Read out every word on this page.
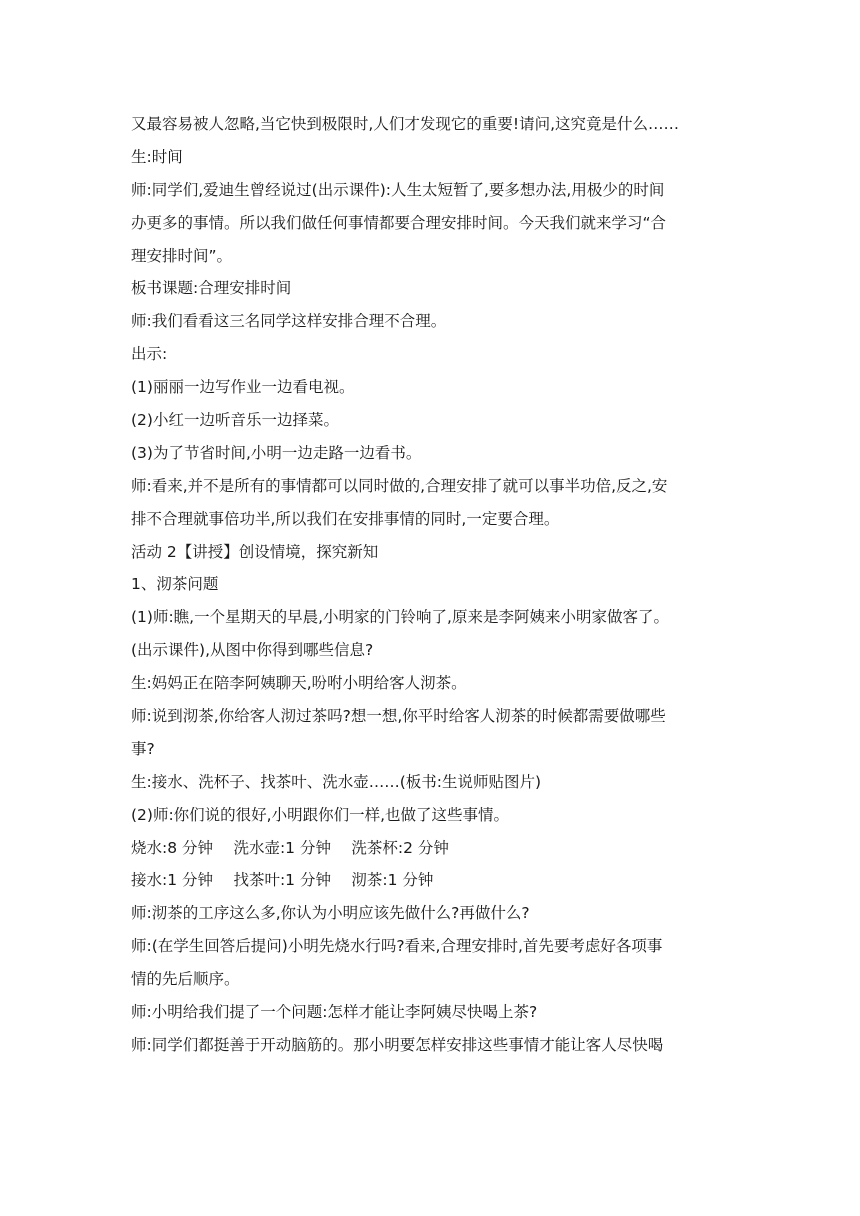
又最容易被人忽略,当它快到极限时,人们才发现它的重要!请问,这究竟是什么……
生:时间
师:同学们,爱迪生曾经说过(出示课件):人生太短暂了,要多想办法,用极少的时间
办更多的事情。所以我们做任何事情都要合理安排时间。今天我们就来学习“合
理安排时间”。
板书课题:合理安排时间
师:我们看看这三名同学这样安排合理不合理。
出示:
(1)丽丽一边写作业一边看电视。
(2)小红一边听音乐一边择菜。
(3)为了节省时间,小明一边走路一边看书。
师:看来,并不是所有的事情都可以同时做的,合理安排了就可以事半功倍,反之,安
排不合理就事倍功半,所以我们在安排事情的同时,一定要合理。
活动 2【讲授】创设情境，探究新知
1、沏茶问题
(1)师:瞧,一个星期天的早晨,小明家的门铃响了,原来是李阿姨来小明家做客了。
(出示课件),从图中你得到哪些信息?
生:妈妈正在陪李阿姨聊天,吩咐小明给客人沏茶。
师:说到沏茶,你给客人沏过茶吗?想一想,你平时给客人沏茶的时候都需要做哪些
事?
生:接水、洗杯子、找茶叶、洗水壶……(板书:生说师贴图片)
(2)师:你们说的很好,小明跟你们一样,也做了这些事情。
烧水:8 分钟　 洗水壶:1 分钟　 洗茶杯:2 分钟
接水:1 分钟　 找茶叶:1 分钟　 沏茶:1 分钟
师:沏茶的工序这么多,你认为小明应该先做什么?再做什么?
师:(在学生回答后提问)小明先烧水行吗?看来,合理安排时,首先要考虑好各项事
情的先后顺序。
师:小明给我们提了一个问题:怎样才能让李阿姨尽快喝上茶?
师:同学们都挺善于开动脑筋的。那小明要怎样安排这些事情才能让客人尽快喝
